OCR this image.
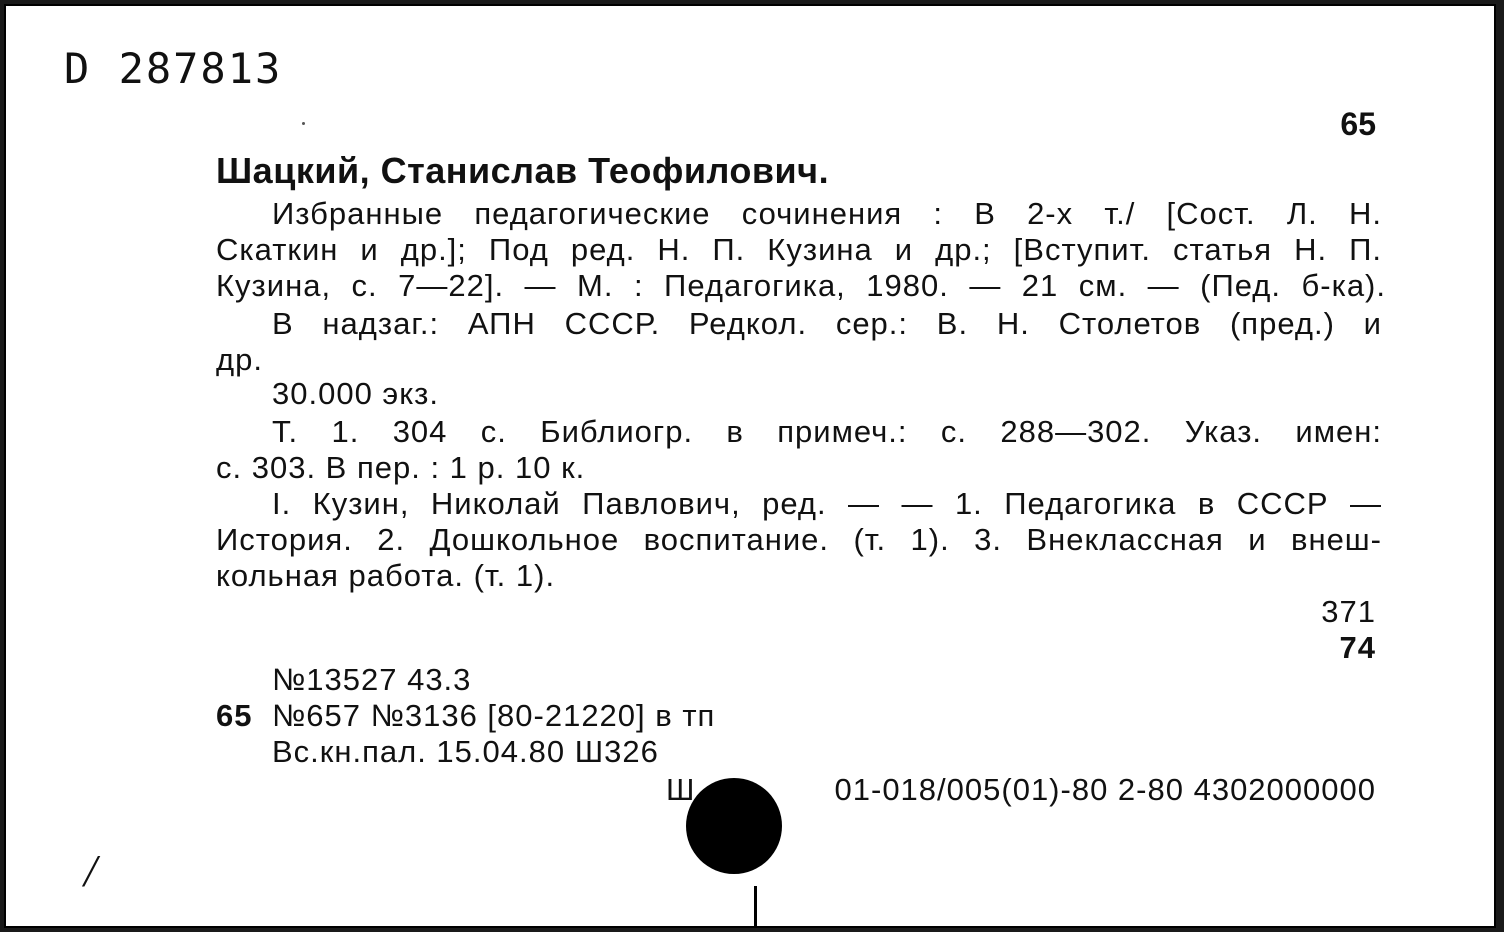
D 287813
65
Шацкий, Станислав Теофилович.
Избранные педагогические сочинения : В 2-х т./ [Сост. Л. Н.
Скаткин и др.]; Под ред. Н. П. Кузина и др.; [Вступит. статья Н. П.
Кузина, с. 7—22]. — М. : Педагогика, 1980. — 21 см. — (Пед. б-ка).
В надзаг.: АПН СССР. Редкол. сер.: В. Н. Столетов (пред.) и
др.
30.000 экз.
Т. 1. 304 с. Библиогр. в примеч.: с. 288—302. Указ. имен:
с. 303. В пер. : 1 р. 10 к.
I. Кузин, Николай Павлович, ред. — — 1. Педагогика в СССР —
История. 2. Дошкольное воспитание. (т. 1). 3. Внеклассная и внеш-
кольная работа. (т. 1).
371
74
№13527 43.3
65 №657 №3136 [80-21220] в тп
Вс.кн.пал. 15.04.80 Ш326
Ш	01-018/005(01)-80 2-80 4302000000
/
